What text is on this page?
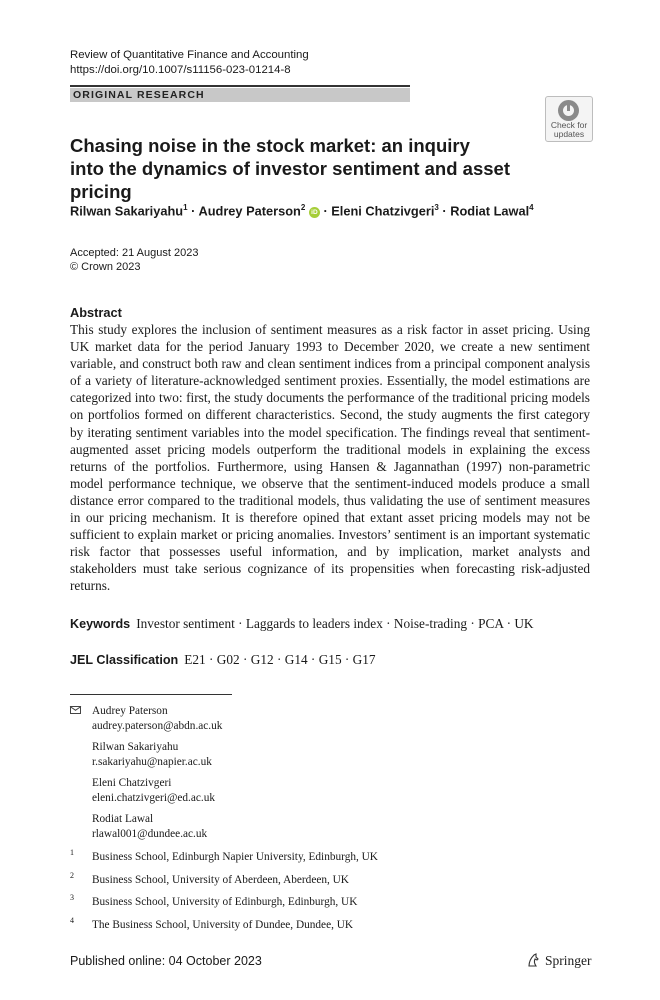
Review of Quantitative Finance and Accounting
https://doi.org/10.1007/s11156-023-01214-8
ORIGINAL RESEARCH
Check for
updates
Chasing noise in the stock market: an inquiry
into the dynamics of investor sentiment and asset pricing
Rilwan Sakariyahu$^1$ · Audrey Paterson$^2$ iD · Eleni Chatzivgeri$^3$ · Rodiat Lawal$^4$
Accepted: 21 August 2023
© Crown 2023
Abstract

This study explores the inclusion of sentiment measures as a risk factor in asset pricing. Using UK market data for the period January 1993 to December 2020, we create a new sentiment variable, and construct both raw and clean sentiment indices from a principal component analysis of a variety of literature-acknowledged sentiment proxies. Essentially, the model estimations are categorized into two: first, the study documents the performance of the traditional pricing models on portfolios formed on different characteristics. Second, the study augments the first category by iterating sentiment variables into the model specification. The findings reveal that sentiment-augmented asset pricing models outperform the traditional models in explaining the excess returns of the portfolios. Furthermore, using Hansen & Jagannathan (1997) non-parametric model performance technique, we observe that the sentiment-induced models produce a small distance error compared to the traditional models, thus validating the use of sentiment measures in our pricing mechanism. It is therefore opined that extant asset pricing models may not be sufficient to explain market or pricing anomalies. Investors’ sentiment is an important systematic risk factor that possesses useful information, and by implication, market analysts and stakeholders must take serious cognizance of its propensities when forecasting risk-adjusted returns.

Keywords Investor sentiment · Laggards to leaders index · Noise-trading · PCA · UK
JEL Classification E21 · G02 · G12 · G14 · G15 · G17
Audrey Paterson
audrey.paterson@abdn.ac.uk
Rilwan Sakariyahu
r.sakariyahu@napier.ac.uk
Eleni Chatzivgeri
eleni.chatzivgeri@ed.ac.uk
Rodiat Lawal
rlawal001@dundee.ac.uk
1 Business School, Edinburgh Napier University, Edinburgh, UK
2 Business School, University of Aberdeen, Aberdeen, UK
3 Business School, University of Edinburgh, Edinburgh, UK
4 The Business School, University of Dundee, Dundee, UK
Published online: 04 October 2023	Springer
